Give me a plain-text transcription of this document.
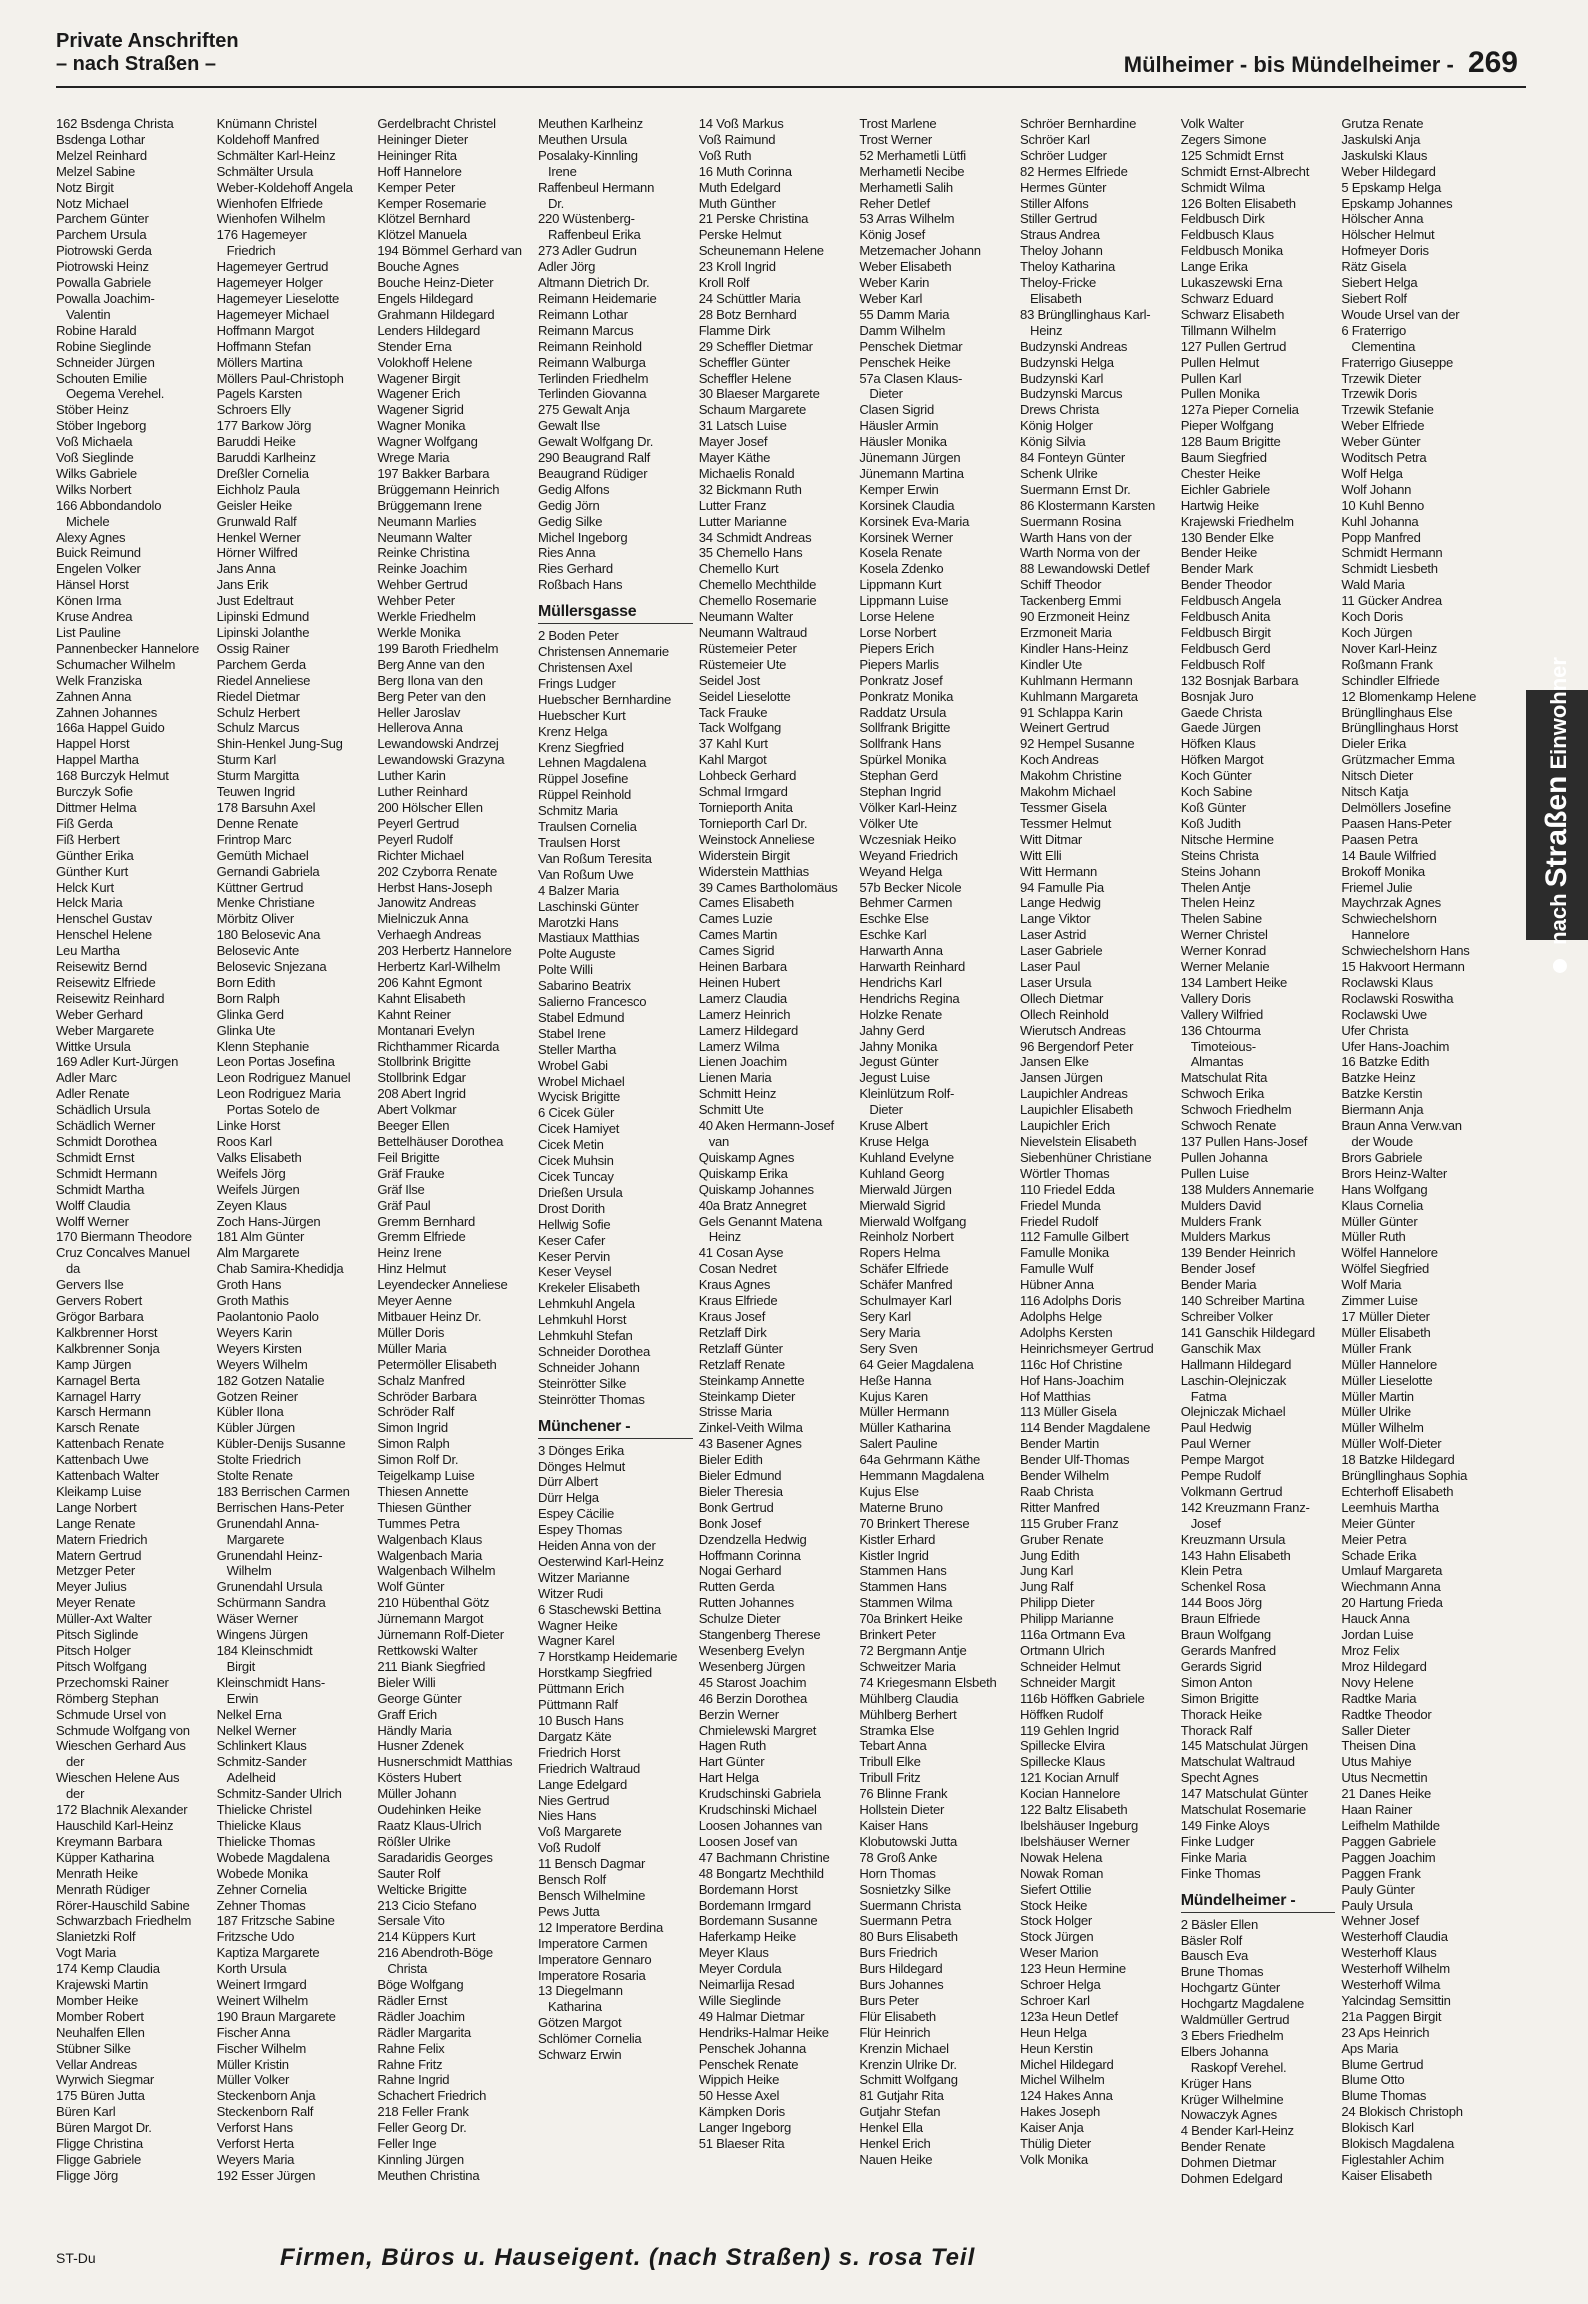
Private Anschriften
– nach Straßen –	Mülheimer - bis Mündelheimer - 269
162 Bsdenga Christa
Bsdenga Lothar
Melzel Reinhard
Melzel Sabine
Notz Birgit
Notz Michael
Parchem Günter
Parchem Ursula
Piotrowski Gerda
Piotrowski Heinz
Powalla Gabriele
Powalla Joachim-
Valentin
Robine Harald
Robine Sieglinde
Schneider Jürgen
Schouten Emilie
Oegema Verehel.
Stöber Heinz
Stöber Ingeborg
Voß Michaela
Voß Sieglinde
Wilks Gabriele
Wilks Norbert
166 Abbondandolo
Michele
Alexy Agnes
Buick Reimund
Engelen Volker
Hänsel Horst
Könen Irma
Kruse Andrea
List Pauline
Pannenbecker Hannelore
Schumacher Wilhelm
Welk Franziska
Zahnen Anna
Zahnen Johannes
166a Happel Guido
Happel Horst
Happel Martha
168 Burczyk Helmut
Burczyk Sofie
Dittmer Helma
Fiß Gerda
Fiß Herbert
Günther Erika
Günther Kurt
Helck Kurt
Helck Maria
Henschel Gustav
Henschel Helene
Leu Martha
Reisewitz Bernd
Reisewitz Elfriede
Reisewitz Reinhard
Weber Gerhard
Weber Margarete
Wittke Ursula
169 Adler Kurt-Jürgen
Adler Marc
Adler Renate
Schädlich Ursula
Schädlich Werner
Schmidt Dorothea
Schmidt Ernst
Schmidt Hermann
Schmidt Martha
Wolff Claudia
Wolff Werner
170 Biermann Theodore
Cruz Concalves Manuel
da
Gervers Ilse
Gervers Robert
Grögor Barbara
Kalkbrenner Horst
Kalkbrenner Sonja
Kamp Jürgen
Karnagel Berta
Karnagel Harry
Karsch Hermann
Karsch Renate
Kattenbach Renate
Kattenbach Uwe
Kattenbach Walter
Kleikamp Luise
Lange Norbert
Lange Renate
Matern Friedrich
Matern Gertrud
Metzger Peter
Meyer Julius
Meyer Renate
Müller-Axt Walter
Pitsch Siglinde
Pitsch Holger
Pitsch Wolfgang
Przechomski Rainer
Römberg Stephan
Schmude Ursel von
Schmude Wolfgang von
Wieschen Gerhard Aus
der
Wieschen Helene Aus
der
172 Blachnik Alexander
Hauschild Karl-Heinz
Kreymann Barbara
Küpper Katharina
Menrath Heike
Menrath Rüdiger
Rörer-Hauschild Sabine
Schwarzbach Friedhelm
Slanietzki Rolf
Vogt Maria
174 Kemp Claudia
Krajewski Martin
Momber Heike
Momber Robert
Neuhalfen Ellen
Stübner Silke
Vellar Andreas
Wyrwich Siegmar
175 Büren Jutta
Büren Karl
Büren Margot Dr.
Fligge Christina
Fligge Gabriele
Fligge Jörg
Knümann Christel
Koldehoff Manfred
Schmälter Karl-Heinz
Schmälter Ursula
Weber-Koldehoff Angela
Wienhofen Elfriede
Wienhofen Wilhelm
176 Hagemeyer
Friedrich
Hagemeyer Gertrud
Hagemeyer Holger
Hagemeyer Lieselotte
Hagemeyer Michael
Hoffmann Margot
Hoffmann Stefan
Möllers Martina
Möllers Paul-Christoph
Pagels Karsten
Schroers Elly
177 Barkow Jörg
Baruddi Heike
Baruddi Karlheinz
Dreßler Cornelia
Eichholz Paula
Geisler Heike
Grunwald Ralf
Henkel Werner
Hörner Wilfred
Jans Anna
Jans Erik
Just Edeltraut
Lipinski Edmund
Lipinski Jolanthe
Ossig Rainer
Parchem Gerda
Riedel Anneliese
Riedel Dietmar
Schulz Herbert
Schulz Marcus
Shin-Henkel Jung-Sug
Sturm Karl
Sturm Margitta
Teuwen Ingrid
178 Barsuhn Axel
Denne Renate
Frintrop Marc
Gemüth Michael
Gernandi Gabriela
Küttner Gertrud
Menke Christiane
Mörbitz Oliver
180 Belosevic Ana
Belosevic Ante
Belosevic Snjezana
Born Edith
Born Ralph
Glinka Gerd
Glinka Ute
Klenn Stephanie
Leon Portas Josefina
Leon Rodriguez Manuel
Leon Rodriguez Maria
Portas Sotelo de
Linke Horst
Roos Karl
Valks Elisabeth
Weifels Jörg
Weifels Jürgen
Zeyen Klaus
Zoch Hans-Jürgen
181 Alm Günter
Alm Margarete
Chab Samira-Khedidja
Groth Hans
Groth Mathis
Paolantonio Paolo
Weyers Karin
Weyers Kirsten
Weyers Wilhelm
182 Gotzen Natalie
Gotzen Reiner
Kübler Ilona
Kübler Jürgen
Kübler-Denijs Susanne
Stolte Friedrich
Stolte Renate
183 Berrischen Carmen
Berrischen Hans-Peter
Grunendahl Anna-
Margarete
Grunendahl Heinz-
Wilhelm
Grunendahl Ursula
Schürmann Sandra
Wäser Werner
Wingens Jürgen
184 Kleinschmidt
Birgit
Kleinschmidt Hans-
Erwin
Nelkel Erna
Nelkel Werner
Schlinkert Klaus
Schmitz-Sander
Adelheid
Schmitz-Sander Ulrich
Thielicke Christel
Thielicke Klaus
Thielicke Thomas
Wobede Magdalena
Wobede Monika
Zehner Cornelia
Zehner Thomas
187 Fritzsche Sabine
Fritzsche Udo
Kaptiza Margarete
Korth Ursula
Weinert Irmgard
Weinert Wilhelm
190 Braun Margarete
Fischer Anna
Fischer Wilhelm
Müller Kristin
Müller Volker
Steckenborn Anja
Steckenborn Ralf
Verforst Hans
Verforst Herta
Weyers Maria
192 Esser Jürgen
Gerdelbracht Christel
Heininger Dieter
Heininger Rita
Hoff Hannelore
Kemper Peter
Kemper Rosemarie
Klötzel Bernhard
Klötzel Manuela
194 Bömmel Gerhard van
Bouche Agnes
Bouche Heinz-Dieter
Engels Hildegard
Grahmann Hildegard
Lenders Hildegard
Stender Erna
Volokhoff Helene
Wagener Birgit
Wagener Erich
Wagener Sigrid
Wagner Monika
Wagner Wolfgang
Wrege Maria
197 Bakker Barbara
Brüggemann Heinrich
Brüggemann Irene
Neumann Marlies
Neumann Walter
Reinke Christina
Reinke Joachim
Wehber Gertrud
Wehber Peter
Werkle Friedhelm
Werkle Monika
199 Baroth Friedhelm
Berg Anne van den
Berg Ilona van den
Berg Peter van den
Heller Jaroslav
Hellerova Anna
Lewandowski Andrzej
Lewandowski Grazyna
Luther Karin
Luther Reinhard
200 Hölscher Ellen
Peyerl Gertrud
Peyerl Rudolf
Richter Michael
202 Czyborra Renate
Herbst Hans-Joseph
Janowitz Andreas
Mielniczuk Anna
Verhaegh Andreas
203 Herbertz Hannelore
Herbertz Karl-Wilhelm
206 Kahnt Egmont
Kahnt Elisabeth
Kahnt Reiner
Montanari Evelyn
Richthammer Ricarda
Stollbrink Brigitte
Stollbrink Edgar
208 Abert Ingrid
Abert Volkmar
Beeger Ellen
Bettelhäuser Dorothea
Feil Brigitte
Gräf Frauke
Gräf Ilse
Gräf Paul
Gremm Bernhard
Gremm Elfriede
Heinz Irene
Hinz Helmut
Leyendecker Anneliese
Meyer Aenne
Mitbauer Heinz Dr.
Müller Doris
Müller Maria
Petermöller Elisabeth
Schalz Manfred
Schröder Barbara
Schröder Ralf
Simon Ingrid
Simon Ralph
Simon Rolf Dr.
Teigelkamp Luise
Thiesen Annette
Thiesen Günther
Tummes Petra
Walgenbach Klaus
Walgenbach Maria
Walgenbach Wilhelm
Wolf Günter
210 Hübenthal Götz
Jürnemann Margot
Jürnemann Rolf-Dieter
Rettkowski Walter
211 Biank Siegfried
Bieler Willi
George Günter
Graff Erich
Händly Maria
Husner Zdenek
Husnerschmidt Matthias
Kösters Hubert
Müller Johann
Oudehinken Heike
Raatz Klaus-Ulrich
Rößler Ulrike
Saradaridis Georges
Sauter Rolf
Welticke Brigitte
213 Cicio Stefano
Sersale Vito
214 Küppers Kurt
216 Abendroth-Böge
Christa
Böge Wolfgang
Rädler Ernst
Rädler Joachim
Rädler Margarita
Rahne Felix
Rahne Fritz
Rahne Ingrid
Schachert Friedrich
218 Feller Frank
Feller Georg Dr.
Feller Inge
Kinnling Jürgen
Meuthen Christina
Meuthen Karlheinz
Meuthen Ursula
Posalaky-Kinnling
Irene
Raffenbeul Hermann
Dr.
220 Wüstenberg-
Raffenbeul Erika
273 Adler Gudrun
Adler Jörg
Altmann Dietrich Dr.
Reimann Heidemarie
Reimann Lothar
Reimann Marcus
Reimann Reinhold
Reimann Walburga
Terlinden Friedhelm
Terlinden Giovanna
275 Gewalt Anja
Gewalt Ilse
Gewalt Wolfgang Dr.
290 Beaugrand Ralf
Beaugrand Rüdiger
Gedig Alfons
Gedig Jörn
Gedig Silke
Michel Ingeborg
Ries Anna
Ries Gerhard
Roßbach Hans
Müllersgasse
2 Boden Peter
Christensen Annemarie
Christensen Axel
Frings Ludger
Huebscher Bernhardine
Huebscher Kurt
Krenz Helga
Krenz Siegfried
Lehnen Magdalena
Rüppel Josefine
Rüppel Reinhold
Schmitz Maria
Traulsen Cornelia
Traulsen Horst
Van Roßum Teresita
Van Roßum Uwe
4 Balzer Maria
Laschinski Günter
Marotzki Hans
Mastiaux Matthias
Polte Auguste
Polte Willi
Sabarino Beatrix
Salierno Francesco
Stabel Edmund
Stabel Irene
Steller Martha
Wrobel Gabi
Wrobel Michael
Wycisk Brigitte
6 Cicek Güler
Cicek Hamiyet
Cicek Metin
Cicek Muhsin
Cicek Tuncay
Drießen Ursula
Drost Dorith
Hellwig Sofie
Keser Cafer
Keser Pervin
Keser Veysel
Krekeler Elisabeth
Lehmkuhl Angela
Lehmkuhl Horst
Lehmkuhl Stefan
Schneider Dorothea
Schneider Johann
Steinrötter Silke
Steinrötter Thomas
Münchener -
3 Dönges Erika
Dönges Helmut
Dürr Albert
Dürr Helga
Espey Cäcilie
Espey Thomas
Heiden Anna von der
Oesterwind Karl-Heinz
Witzer Marianne
Witzer Rudi
6 Staschewski Bettina
Wagner Heike
Wagner Karel
7 Horstkamp Heidemarie
Horstkamp Siegfried
Püttmann Erich
Püttmann Ralf
10 Busch Hans
Dargatz Käte
Friedrich Horst
Friedrich Waltraud
Lange Edelgard
Nies Gertrud
Nies Hans
Voß Margarete
Voß Rudolf
11 Bensch Dagmar
Bensch Rolf
Bensch Wilhelmine
Pews Jutta
12 Imperatore Berdina
Imperatore Carmen
Imperatore Gennaro
Imperatore Rosaria
13 Diegelmann
Katharina
Götzen Margot
Schlömer Cornelia
Schwarz Erwin
14 Voß Markus
Voß Raimund
Voß Ruth
16 Muth Corinna
Muth Edelgard
Muth Günther
21 Perske Christina
Perske Helmut
Scheunemann Helene
23 Kroll Ingrid
Kroll Rolf
24 Schüttler Maria
28 Botz Bernhard
Flamme Dirk
29 Scheffler Dietmar
Scheffler Günter
Scheffler Helene
30 Blaeser Margarete
Schaum Margarete
31 Latsch Luise
Mayer Josef
Mayer Käthe
Michaelis Ronald
32 Bickmann Ruth
Lutter Franz
Lutter Marianne
34 Schmidt Andreas
35 Chemello Hans
Chemello Kurt
Chemello Mechthilde
Chemello Rosemarie
Neumann Walter
Neumann Waltraud
Rüstemeier Peter
Rüstemeier Ute
Seidel Jost
Seidel Lieselotte
Tack Frauke
Tack Wolfgang
37 Kahl Kurt
Kahl Margot
Lohbeck Gerhard
Schmal Irmgard
Tornieporth Anita
Tornieporth Carl Dr.
Weinstock Anneliese
Widerstein Birgit
Widerstein Matthias
39 Cames Bartholomäus
Cames Elisabeth
Cames Luzie
Cames Martin
Cames Sigrid
Heinen Barbara
Heinen Hubert
Lamerz Claudia
Lamerz Heinrich
Lamerz Hildegard
Lamerz Wilma
Lienen Joachim
Lienen Maria
Schmitt Heinz
Schmitt Ute
40 Aken Hermann-Josef
van
Quiskamp Agnes
Quiskamp Erika
Quiskamp Johannes
40a Bratz Annegret
Gels Genannt Matena
Heinz
41 Cosan Ayse
Cosan Nedret
Kraus Agnes
Kraus Elfriede
Kraus Josef
Retzlaff Dirk
Retzlaff Günter
Retzlaff Renate
Steinkamp Annette
Steinkamp Dieter
Strisse Maria
Zinkel-Veith Wilma
43 Basener Agnes
Bieler Edith
Bieler Edmund
Bieler Theresia
Bonk Gertrud
Bonk Josef
Dzendzella Hedwig
Hoffmann Corinna
Nogai Gerhard
Rutten Gerda
Rutten Johannes
Schulze Dieter
Stangenberg Therese
Wesenberg Evelyn
Wesenberg Jürgen
45 Starost Joachim
46 Berzin Dorothea
Berzin Werner
Chmielewski Margret
Hagen Ruth
Hart Günter
Hart Helga
Krudschinski Gabriela
Krudschinski Michael
Loosen Johannes van
Loosen Josef van
47 Bachmann Christine
48 Bongartz Mechthild
Bordemann Horst
Bordemann Irmgard
Bordemann Susanne
Haferkamp Heike
Meyer Klaus
Meyer Cordula
Neimarlija Resad
Wille Sieglinde
49 Halmar Dietmar
Hendriks-Halmar Heike
Penschek Johanna
Penschek Renate
Wippich Heike
50 Hesse Axel
Kämpken Doris
Langer Ingeborg
51 Blaeser Rita
Trost Marlene
Trost Werner
52 Merhametli Lütfi
Merhametli Necibe
Merhametli Salih
Reher Detlef
53 Arras Wilhelm
König Josef
Metzemacher Johann
Weber Elisabeth
Weber Karin
Weber Karl
55 Damm Maria
Damm Wilhelm
Penschek Dietmar
Penschek Heike
57a Clasen Klaus-
Dieter
Clasen Sigrid
Häusler Armin
Häusler Monika
Jünemann Jürgen
Jünemann Martina
Kemper Erwin
Korsinek Claudia
Korsinek Eva-Maria
Korsinek Werner
Kosela Renate
Kosela Zdenko
Lippmann Kurt
Lippmann Luise
Lorse Helene
Lorse Norbert
Piepers Erich
Piepers Marlis
Ponkratz Josef
Ponkratz Monika
Raddatz Ursula
Sollfrank Brigitte
Sollfrank Hans
Spürkel Monika
Stephan Gerd
Stephan Ingrid
Völker Karl-Heinz
Völker Ute
Wczesniak Heiko
Weyand Friedrich
Weyand Helga
57b Becker Nicole
Behmer Carmen
Eschke Else
Eschke Karl
Harwarth Anna
Harwarth Reinhard
Hendrichs Karl
Hendrichs Regina
Holzke Renate
Jahny Gerd
Jahny Monika
Jegust Günter
Jegust Luise
Kleinlützum Rolf-
Dieter
Kruse Albert
Kruse Helga
Kuhland Evelyne
Kuhland Georg
Mierwald Jürgen
Mierwald Sigrid
Mierwald Wolfgang
Reinholz Norbert
Ropers Helma
Schäfer Elfriede
Schäfer Manfred
Schulmayer Karl
Sery Karl
Sery Maria
Sery Sven
64 Geier Magdalena
Heße Hanna
Kujus Karen
Müller Hermann
Müller Katharina
Salert Pauline
64a Gehrmann Käthe
Hemmann Magdalena
Kujus Else
Materne Bruno
70 Brinkert Therese
Kistler Erhard
Kistler Ingrid
Stammen Hans
Stammen Hans
Stammen Wilma
70a Brinkert Heike
Brinkert Peter
72 Bergmann Antje
Schweitzer Maria
74 Kriegesmann Elsbeth
Mühlberg Claudia
Mühlberg Berhert
Stramka Else
Tebart Anna
Tribull Elke
Tribull Fritz
76 Blinne Frank
Hollstein Dieter
Kaiser Hans
Klobutowski Jutta
78 Groß Anke
Horn Thomas
Sosnietzky Silke
Suermann Christa
Suermann Petra
80 Burs Elisabeth
Burs Friedrich
Burs Hildegard
Burs Johannes
Burs Peter
Flür Elisabeth
Flür Heinrich
Krenzin Michael
Krenzin Ulrike Dr.
Schmitt Wolfgang
81 Gutjahr Rita
Gutjahr Stefan
Henkel Ella
Henkel Erich
Nauen Heike
Schröer Bernhardine
Schröer Karl
Schröer Ludger
82 Hermes Elfriede
Hermes Günter
Stiller Alfons
Stiller Gertrud
Straus Andrea
Theloy Johann
Theloy Katharina
Theloy-Fricke
Elisabeth
83 Brüngllinghaus Karl-
Heinz
Budzynski Andreas
Budzynski Helga
Budzynski Karl
Budzynski Marcus
Drews Christa
König Holger
König Silvia
84 Fonteyn Günter
Schenk Ulrike
Suermann Ernst Dr.
86 Klostermann Karsten
Suermann Rosina
Warth Hans von der
Warth Norma von der
88 Lewandowski Detlef
Schiff Theodor
Tackenberg Emmi
90 Erzmoneit Heinz
Erzmoneit Maria
Kindler Hans-Heinz
Kindler Ute
Kuhlmann Hermann
Kuhlmann Margareta
91 Schlappa Karin
Weinert Gertrud
92 Hempel Susanne
Koch Andreas
Makohm Christine
Makohm Michael
Tessmer Gisela
Tessmer Helmut
Witt Ditmar
Witt Elli
Witt Hermann
94 Famulle Pia
Lange Hedwig
Lange Viktor
Laser Astrid
Laser Gabriele
Laser Paul
Laser Ursula
Ollech Dietmar
Ollech Reinhold
Wierutsch Andreas
96 Bergendorf Peter
Jansen Elke
Jansen Jürgen
Laupichler Andreas
Laupichler Elisabeth
Laupichler Erich
Nievelstein Elisabeth
Siebenhüner Christiane
Wörtler Thomas
110 Friedel Edda
Friedel Munda
Friedel Rudolf
112 Famulle Gilbert
Famulle Monika
Famulle Wulf
Hübner Anna
116 Adolphs Doris
Adolphs Helge
Adolphs Kersten
Heinrichsmeyer Gertrud
116c Hof Christine
Hof Hans-Joachim
Hof Matthias
113 Müller Gisela
114 Bender Magdalene
Bender Martin
Bender Ulf-Thomas
Bender Wilhelm
Raab Christa
Ritter Manfred
115 Gruber Franz
Gruber Renate
Jung Edith
Jung Karl
Jung Ralf
Philipp Dieter
Philipp Marianne
116a Ortmann Eva
Ortmann Ulrich
Schneider Helmut
Schneider Margit
116b Höffken Gabriele
Höffken Rudolf
119 Gehlen Ingrid
Spillecke Elvira
Spillecke Klaus
121 Kocian Arnulf
Kocian Hannelore
122 Baltz Elisabeth
Ibelshäuser Ingeburg
Ibelshäuser Werner
Nowak Helena
Nowak Roman
Siefert Ottilie
Stock Heike
Stock Holger
Stock Jürgen
Weser Marion
123 Heun Hermine
Schroer Helga
Schroer Karl
123a Heun Detlef
Heun Helga
Heun Kerstin
Michel Hildegard
Michel Wilhelm
124 Hakes Anna
Hakes Joseph
Kaiser Anja
Thülig Dieter
Volk Monika
Volk Walter
Zegers Simone
125 Schmidt Ernst
Schmidt Ernst-Albrecht
Schmidt Wilma
126 Bolten Elisabeth
Feldbusch Dirk
Feldbusch Klaus
Feldbusch Monika
Lange Erika
Lukaszewski Erna
Schwarz Eduard
Schwarz Elisabeth
Tillmann Wilhelm
127 Pullen Gertrud
Pullen Helmut
Pullen Karl
Pullen Monika
127a Pieper Cornelia
Pieper Wolfgang
128 Baum Brigitte
Baum Siegfried
Chester Heike
Eichler Gabriele
Hartwig Heike
Krajewski Friedhelm
130 Bender Elke
Bender Heike
Bender Mark
Bender Theodor
Feldbusch Angela
Feldbusch Anita
Feldbusch Birgit
Feldbusch Gerd
Feldbusch Rolf
132 Bosnjak Barbara
Bosnjak Juro
Gaede Christa
Gaede Jürgen
Höfken Klaus
Höfken Margot
Koch Günter
Koch Sabine
Koß Günter
Koß Judith
Nitsche Hermine
Steins Christa
Steins Johann
Thelen Antje
Thelen Heinz
Thelen Sabine
Werner Christel
Werner Konrad
Werner Melanie
134 Lambert Heike
Vallery Doris
Vallery Wilfried
136 Chtourma
Timoteious-
Almantas
Matschulat Rita
Schwoch Erika
Schwoch Friedhelm
Schwoch Renate
137 Pullen Hans-Josef
Pullen Johanna
Pullen Luise
138 Mulders Annemarie
Mulders David
Mulders Frank
Mulders Markus
139 Bender Heinrich
Bender Josef
Bender Maria
140 Schreiber Martina
Schreiber Volker
141 Ganschik Hildegard
Ganschik Max
Hallmann Hildegard
Laschin-Olejniczak
Fatma
Olejniczak Michael
Paul Hedwig
Paul Werner
Pempe Margot
Pempe Rudolf
Volkmann Gertrud
142 Kreuzmann Franz-
Josef
Kreuzmann Ursula
143 Hahn Elisabeth
Klein Petra
Schenkel Rosa
144 Boos Jörg
Braun Elfriede
Braun Wolfgang
Gerards Manfred
Gerards Sigrid
Simon Anton
Simon Brigitte
Thorack Heike
Thorack Ralf
145 Matschulat Jürgen
Matschulat Waltraud
Specht Agnes
147 Matschulat Günter
Matschulat Rosemarie
149 Finke Aloys
Finke Ludger
Finke Maria
Finke Thomas
Mündelheimer -
2 Bäsler Ellen
Bäsler Rolf
Bausch Eva
Brune Thomas
Hochgartz Günter
Hochgartz Magdalene
Waldmüller Gertrud
3 Ebers Friedhelm
Elbers Johanna
Raskopf Verehel.
Krüger Hans
Krüger Wilhelmine
Nowaczyk Agnes
4 Bender Karl-Heinz
Bender Renate
Dohmen Dietmar
Dohmen Edelgard
Grutza Renate
Jaskulski Anja
Jaskulski Klaus
Weber Hildegard
5 Epskamp Helga
Epskamp Johannes
Hölscher Anna
Hölscher Helmut
Hofmeyer Doris
Rätz Gisela
Siebert Helga
Siebert Rolf
Woude Ursel van der
6 Fraterrigo
Clementina
Fraterrigo Giuseppe
Trzewik Dieter
Trzewik Doris
Trzewik Stefanie
Weber Elfriede
Weber Günter
Woditsch Petra
Wolf Helga
Wolf Johann
10 Kuhl Benno
Kuhl Johanna
Popp Manfred
Schmidt Hermann
Schmidt Liesbeth
Wald Maria
11 Gücker Andrea
Koch Doris
Koch Jürgen
Nover Karl-Heinz
Roßmann Frank
Schindler Elfriede
12 Blomenkamp Helene
Brüngllinghaus Else
Brüngllinghaus Horst
Dieler Erika
Grützmacher Emma
Nitsch Dieter
Nitsch Katja
Delmöllers Josefine
Paasen Hans-Peter
Paasen Petra
14 Baule Wilfried
Brokoff Monika
Friemel Julie
Maychrzak Agnes
Schwiechelshorn
Hannelore
Schwiechelshorn Hans
15 Hakvoort Hermann
Roclawski Klaus
Roclawski Roswitha
Roclawski Uwe
Ufer Christa
Ufer Hans-Joachim
16 Batzke Edith
Batzke Heinz
Batzke Kerstin
Biermann Anja
Braun Anna Verw.van
der Woude
Brors Gabriele
Brors Heinz-Walter
Hans Wolfgang
Klaus Cornelia
Müller Günter
Müller Ruth
Wölfel Hannelore
Wölfel Siegfried
Wolf Maria
Zimmer Luise
17 Müller Dieter
Müller Elisabeth
Müller Frank
Müller Hannelore
Müller Lieselotte
Müller Martin
Müller Ulrike
Müller Wilhelm
Müller Wolf-Dieter
18 Batzke Hildegard
Brüngllinghaus Sophia
Echterhoff Elisabeth
Leemhuis Martha
Meier Günter
Meier Petra
Schade Erika
Umlauf Margareta
Wiechmann Anna
20 Hartung Frieda
Hauck Anna
Jordan Luise
Mroz Felix
Mroz Hildegard
Novy Helene
Radtke Maria
Radtke Theodor
Saller Dieter
Theisen Dina
Utus Mahiye
Utus Necmettin
21 Danes Heike
Haan Rainer
Leifhelm Mathilde
Paggen Gabriele
Paggen Joachim
Paggen Frank
Pauly Günter
Pauly Ursula
Wehner Josef
Westerhoff Claudia
Westerhoff Klaus
Westerhoff Wilhelm
Westerhoff Wilma
Yalcindag Semsittin
21a Paggen Birgit
23 Aps Heinrich
Aps Maria
Blume Gertrud
Blume Otto
Blume Thomas
24 Blokisch Christoph
Blokisch Karl
Blokisch Magdalena
Figlestahler Achim
Kaiser Elisabeth
nach Straßen Einwohner
ST-Du	Firmen, Büros u. Hauseigent. (nach Straßen) s. rosa Teil
